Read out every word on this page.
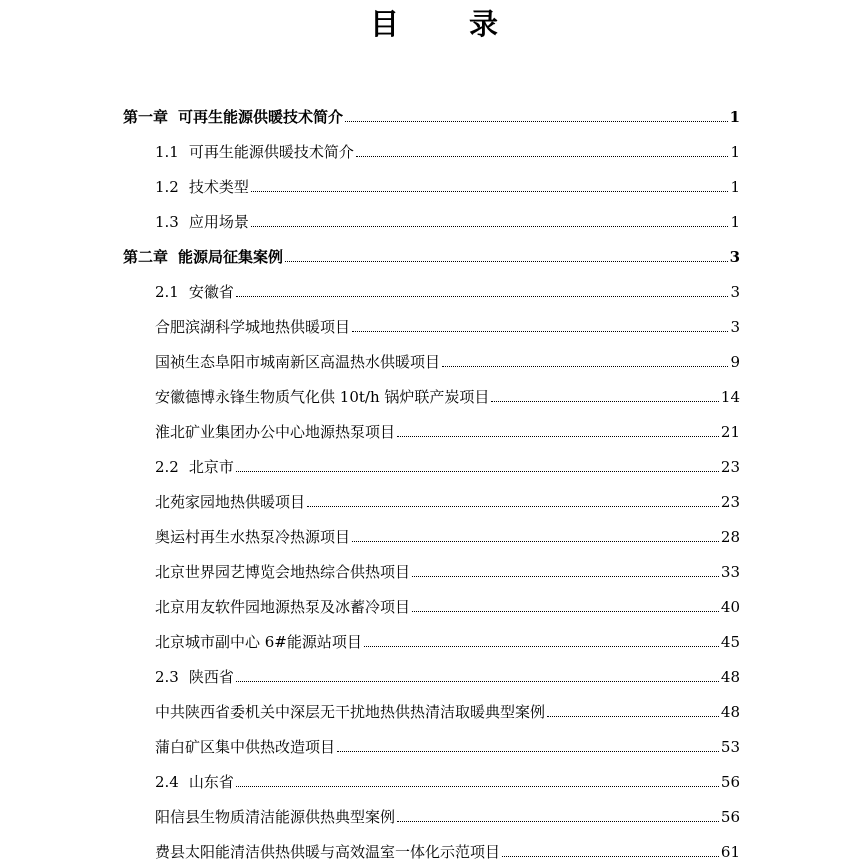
目 录
第一章 可再生能源供暖技术简介	1
1.1 可再生能源供暖技术简介	1
1.2 技术类型	1
1.3 应用场景	1
第二章 能源局征集案例	3
2.1 安徽省	3
合肥滨湖科学城地热供暖项目	3
国祯生态阜阳市城南新区高温热水供暖项目	9
安徽德博永锋生物质气化供 10t/h 锅炉联产炭项目	14
淮北矿业集团办公中心地源热泵项目	21
2.2 北京市	23
北苑家园地热供暖项目	23
奥运村再生水热泵冷热源项目	28
北京世界园艺博览会地热综合供热项目	33
北京用友软件园地源热泵及冰蓄冷项目	40
北京城市副中心 6#能源站项目	45
2.3 陕西省	48
中共陕西省委机关中深层无干扰地热供热清洁取暖典型案例	48
蒲白矿区集中供热改造项目	53
2.4 山东省	56
阳信县生物质清洁能源供热典型案例	56
费县太阳能清洁供热供暖与高效温室一体化示范项目	61
